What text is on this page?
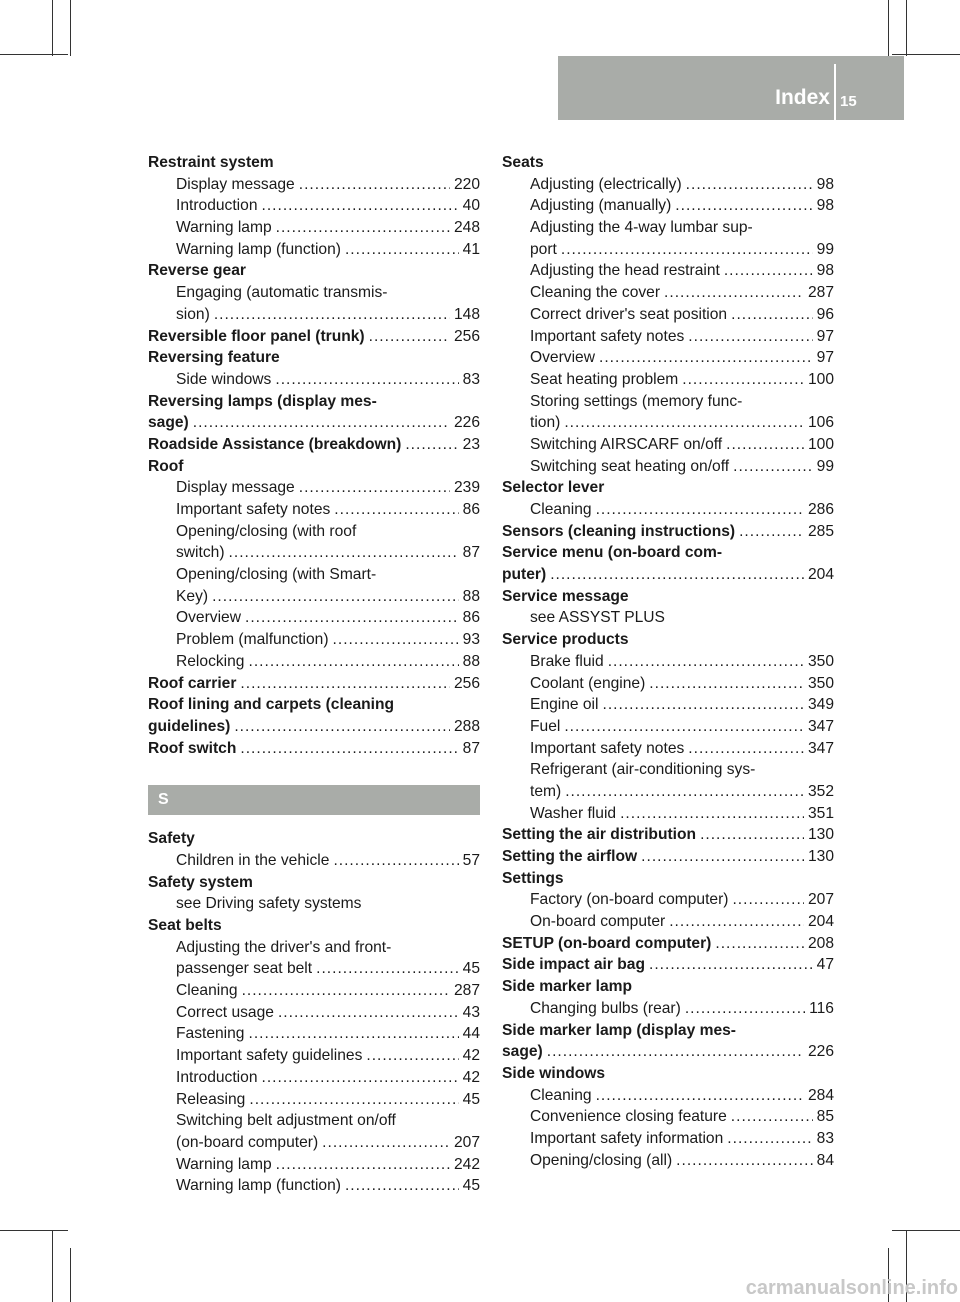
Index 15
Restraint system
Display message .....	220
Introduction .....	40
Warning lamp .....	248
Warning lamp (function) .....	41
Reverse gear
Engaging (automatic transmis-
sion) .....	148
Reversible floor panel (trunk) .....	256
Reversing feature
Side windows .....	83
Reversing lamps (display mes-
sage) .....	226
Roadside Assistance (breakdown) .....	23
Roof
Display message .....	239
Important safety notes .....	86
Opening/closing (with roof
switch) .....	87
Opening/closing (with Smart-
Key) .....	88
Overview .....	86
Problem (malfunction) .....	93
Relocking .....	88
Roof carrier .....	256
Roof lining and carpets (cleaning
guidelines) .....	288
Roof switch .....	87
S
Safety
Children in the vehicle .....	57
Safety system
see Driving safety systems
Seat belts
Adjusting the driver's and front-
passenger seat belt .....	45
Cleaning .....	287
Correct usage .....	43
Fastening .....	44
Important safety guidelines .....	42
Introduction .....	42
Releasing .....	45
Switching belt adjustment on/off
(on-board computer) .....	207
Warning lamp .....	242
Warning lamp (function) .....	45
Seats
Adjusting (electrically) .....	98
Adjusting (manually) .....	98
Adjusting the 4-way lumbar sup-
port .....	99
Adjusting the head restraint .....	98
Cleaning the cover .....	287
Correct driver's seat position .....	96
Important safety notes .....	97
Overview .....	97
Seat heating problem .....	100
Storing settings (memory func-
tion) .....	106
Switching AIRSCARF on/off .....	100
Switching seat heating on/off .....	99
Selector lever
Cleaning .....	286
Sensors (cleaning instructions) .....	285
Service menu (on-board com-
puter) .....	204
Service message
see ASSYST PLUS
Service products
Brake fluid .....	350
Coolant (engine) .....	350
Engine oil .....	349
Fuel .....	347
Important safety notes .....	347
Refrigerant (air-conditioning sys-
tem) .....	352
Washer fluid .....	351
Setting the air distribution .....	130
Setting the airflow .....	130
Settings
Factory (on-board computer) .....	207
On-board computer .....	204
SETUP (on-board computer) .....	208
Side impact air bag .....	47
Side marker lamp
Changing bulbs (rear) .....	116
Side marker lamp (display mes-
sage) .....	226
Side windows
Cleaning .....	284
Convenience closing feature .....	85
Important safety information .....	83
Opening/closing (all) .....	84
carmanualsonline.info
